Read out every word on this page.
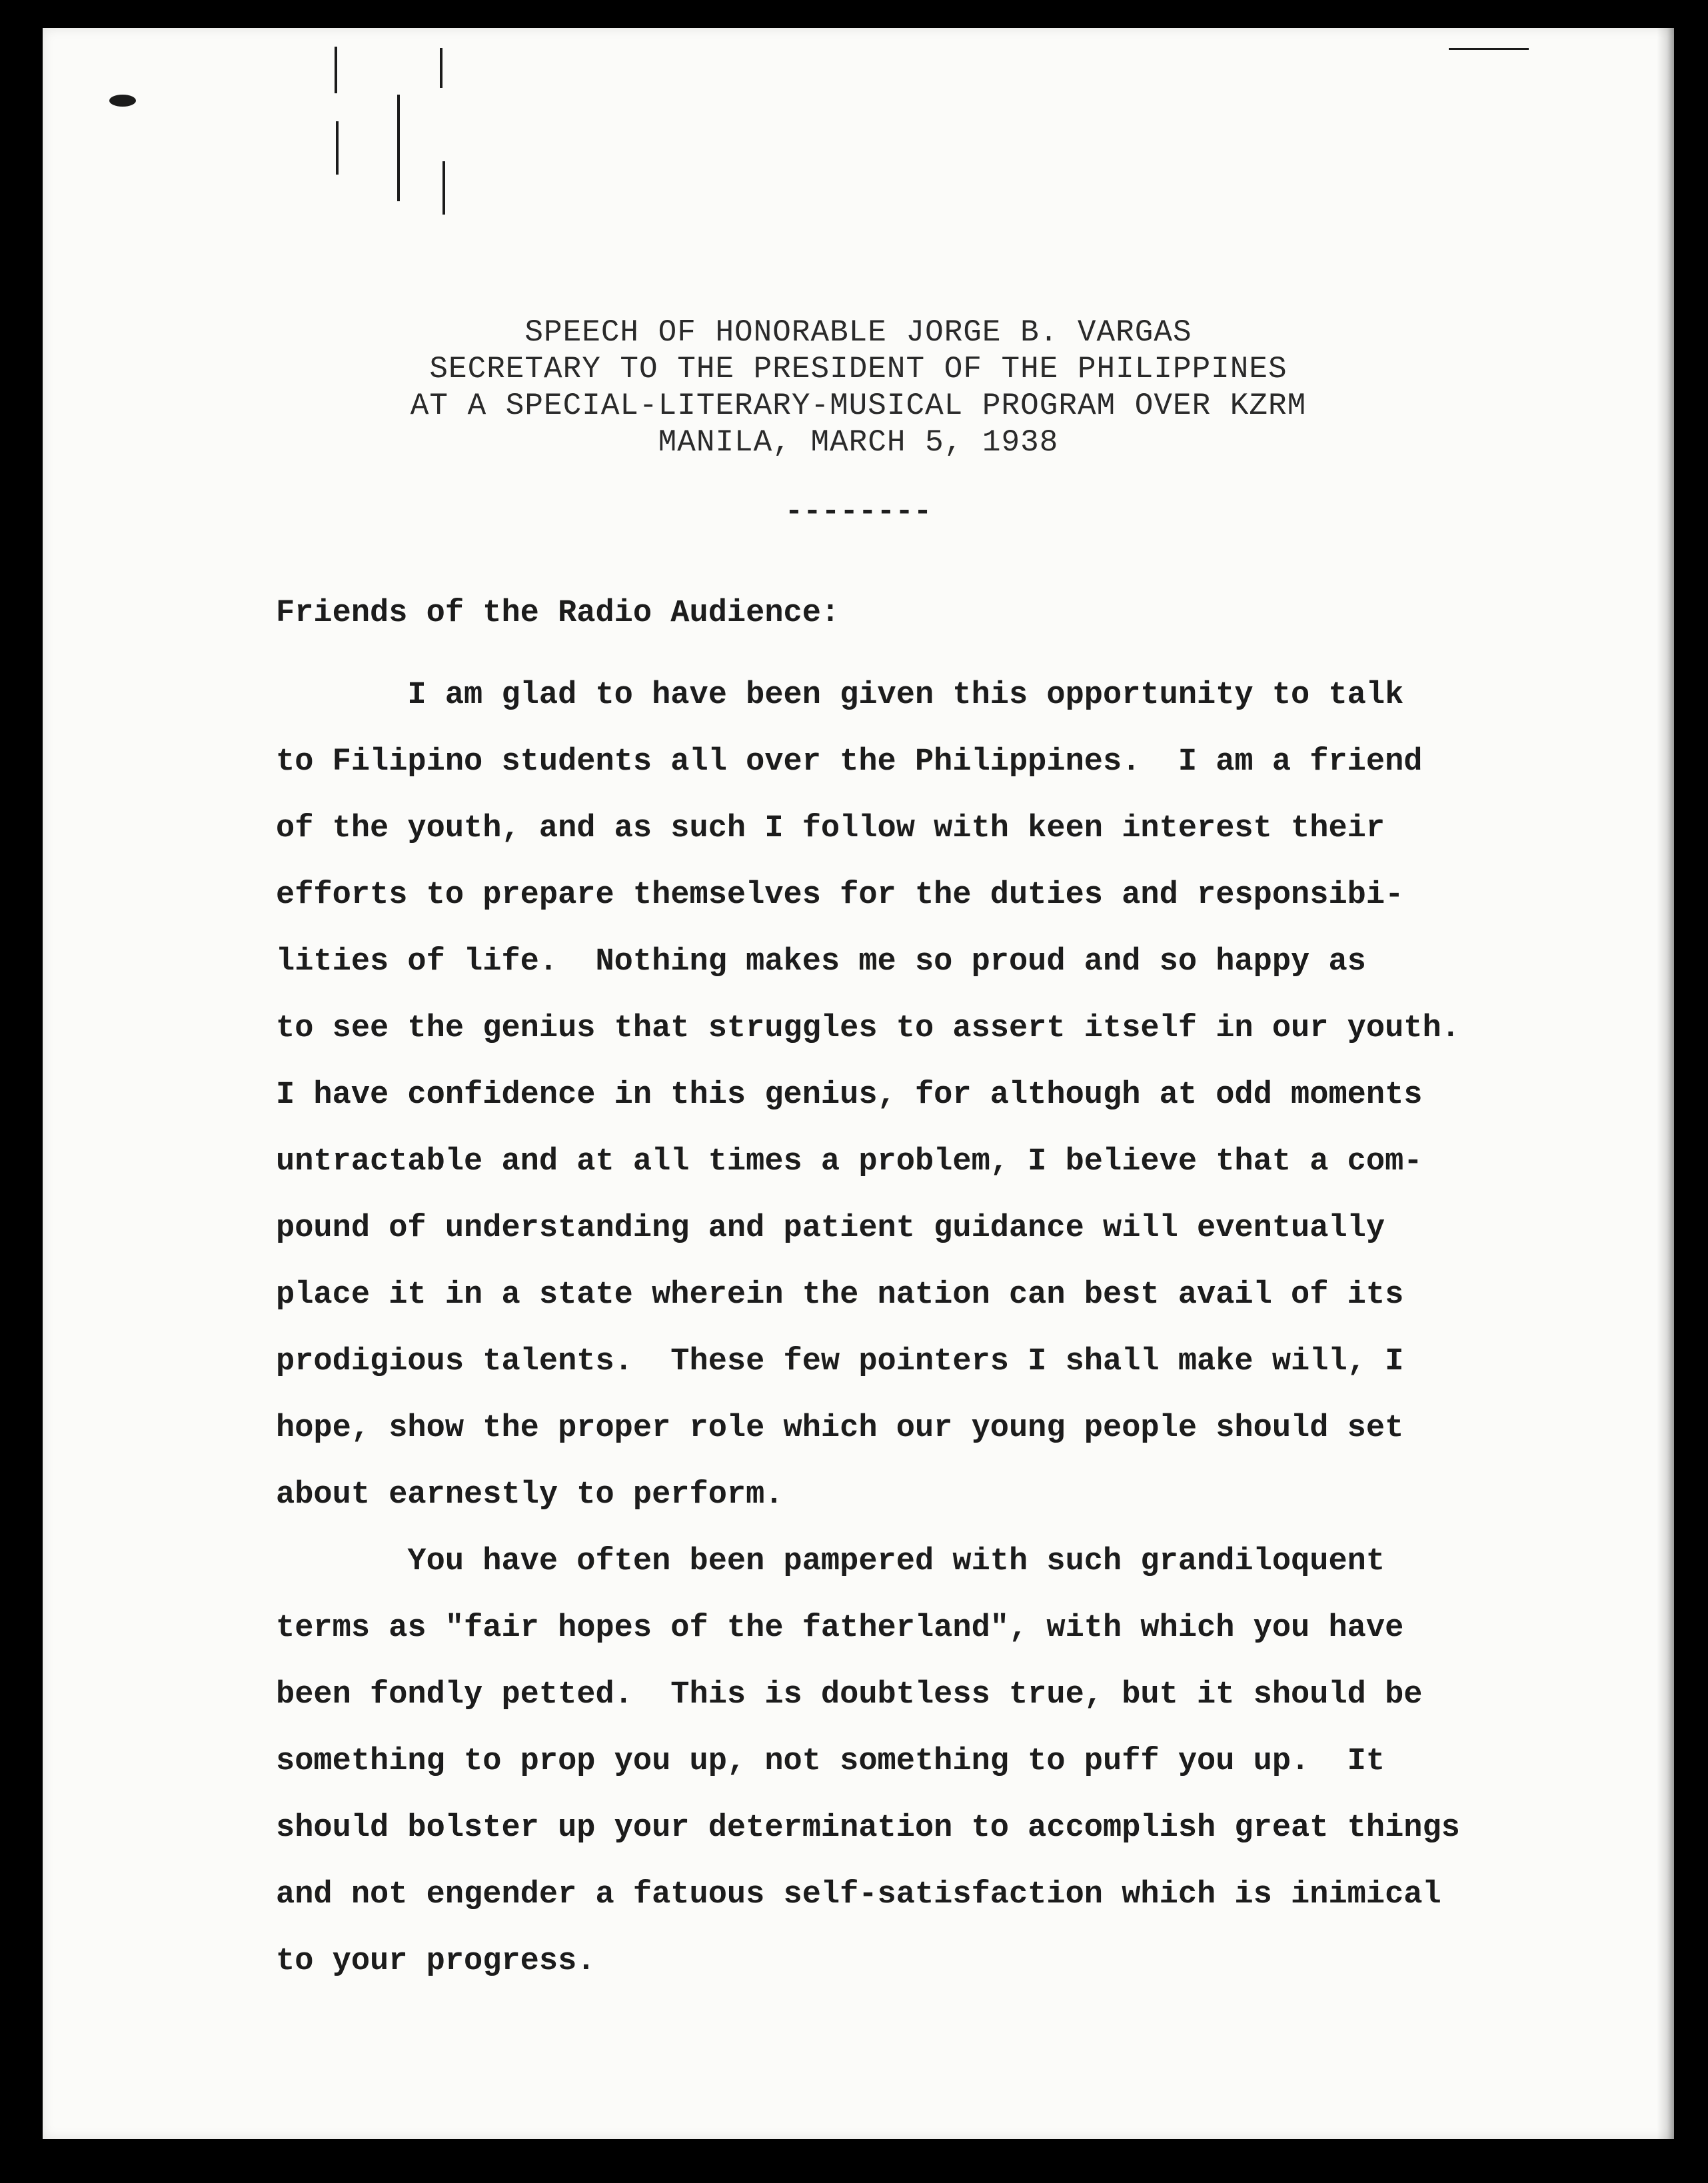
SPEECH OF HONORABLE JORGE B. VARGAS
SECRETARY TO THE PRESIDENT OF THE PHILIPPINES
AT A SPECIAL-LITERARY-MUSICAL PROGRAM OVER KZRM
MANILA, MARCH 5, 1938
--------
Friends of the Radio Audience:
I am glad to have been given this opportunity to talk
to Filipino students all over the Philippines.  I am a friend
of the youth, and as such I follow with keen interest their
efforts to prepare themselves for the duties and responsibi-
lities of life.  Nothing makes me so proud and so happy as
to see the genius that struggles to assert itself in our youth.
I have confidence in this genius, for although at odd moments
untractable and at all times a problem, I believe that a com-
pound of understanding and patient guidance will eventually
place it in a state wherein the nation can best avail of its
prodigious talents.  These few pointers I shall make will, I
hope, show the proper role which our young people should set
about earnestly to perform.
You have often been pampered with such grandiloquent
terms as "fair hopes of the fatherland", with which you have
been fondly petted.  This is doubtless true, but it should be
something to prop you up, not something to puff you up.  It
should bolster up your determination to accomplish great things
and not engender a fatuous self-satisfaction which is inimical
to your progress.
